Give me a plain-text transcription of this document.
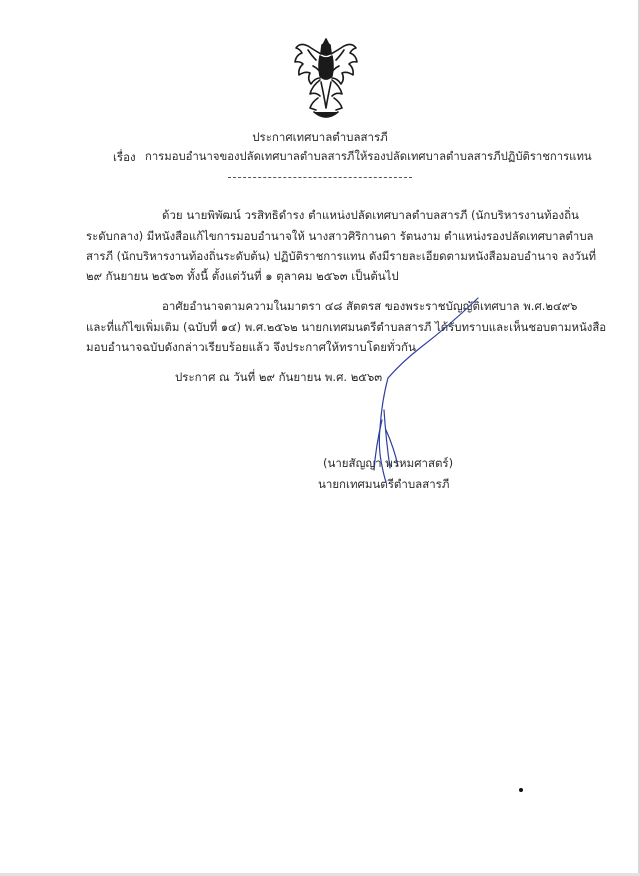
ประกาศเทศบาลตำบลสารภี
เรื่อง การมอบอำนาจของปลัดเทศบาลตำบลสารภีให้รองปลัดเทศบาลตำบลสารภีปฏิบัติราชการแทน
ด้วย นายพิพัฒน์ วรสิทธิดำรง ตำแหน่งปลัดเทศบาลตำบลสารภี (นักบริหารงานท้องถิ่น
ระดับกลาง) มีหนังสือแก้ไขการมอบอำนาจให้ นางสาวศิริกานดา รัตนงาม ตำแหน่งรองปลัดเทศบาลตำบล
สารภี (นักบริหารงานท้องถิ่นระดับต้น) ปฏิบัติราชการแทน ดังมีรายละเอียดตามหนังสือมอบอำนาจ ลงวันที่
๒๙ กันยายน ๒๕๖๓ ทั้งนี้ ตั้งแต่วันที่ ๑ ตุลาคม ๒๕๖๓ เป็นต้นไป
อาศัยอำนาจตามความในมาตรา ๔๘ สัตตรส ของพระราชบัญญัติเทศบาล พ.ศ.๒๔๙๖
และที่แก้ไขเพิ่มเติม (ฉบับที่ ๑๔) พ.ศ.๒๕๖๒ นายกเทศมนตรีตำบลสารภี ได้รับทราบและเห็นชอบตามหนังสือ
มอบอำนาจฉบับดังกล่าวเรียบร้อยแล้ว จึงประกาศให้ทราบโดยทั่วกัน
ประกาศ ณ วันที่ ๒๙ กันยายน พ.ศ. ๒๕๖๓
(นายสัญญา พรหมศาสตร์)
นายกเทศมนตรีตำบลสารภี
